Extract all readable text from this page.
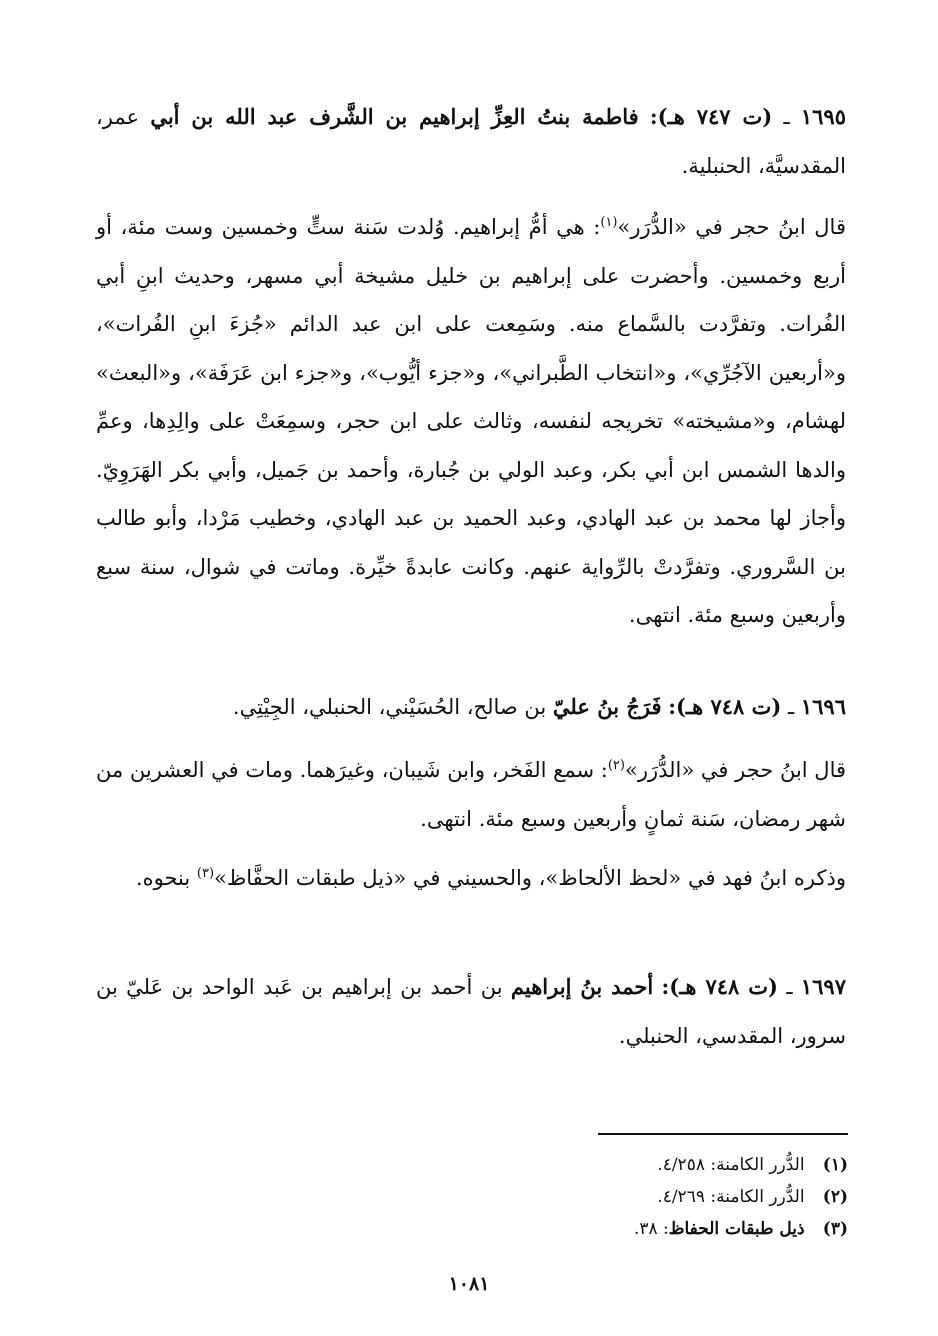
١٦٩٥ ـ (ت ٧٤٧ هـ): فاطمة بنتُ العِزِّ إبراهيم بن الشَّرف عبد الله بن أبي عمر، المقدسيَّة، الحنبلية.
قال ابنُ حجر في «الدُّرَر»$^{(١)}$: هي أمُّ إبراهيم. وُلدت سَنة ستٍّ وخمسين وست مئة، أو أربع وخمسين. وأحضرت على إبراهيم بن خليل مشيخة أبي مسهر، وحديث ابنِ أبي الفُرات. وتفرَّدت بالسَّماع منه. وسَمِعت على ابن عبد الدائم «جُزءَ ابنِ الفُرات»، و«أربعين الآجُرِّي»، و«انتخاب الطَّبراني»، و«جزء أيُّوب»، و«جزء ابن عَرَفَة»، و«البعث» لهشام، و«مشيخته» تخريجه لنفسه، وثالث على ابن حجر، وسمِعَتْ على والِدِها، وعمِّ والدها الشمس ابن أبي بكر، وعبد الولي بن جُبارة، وأحمد بن جَميل، وأبي بكر الهَرَوِيّ. وأجاز لها محمد بن عبد الهادي، وعبد الحميد بن عبد الهادي، وخطيب مَرْدا، وأبو طالب بن السَّروري. وتفرَّدتْ بالرِّواية عنهم. وكانت عابدةً خيِّرة. وماتت في شوال، سنة سبع وأربعين وسبع مئة. انتهى.
١٦٩٦ ـ (ت ٧٤٨ هـ): فَرَجُ بنُ عليّ بن صالح، الحُسَيْني، الحنبلي، الجِيْتِي.
قال ابنُ حجر في «الدُّرَر»$^{(٢)}$: سمع الفَخر، وابن شَيبان، وغيرَهما. ومات في العشرين من شهر رمضان، سَنة ثمانٍ وأربعين وسبع مئة. انتهى.
وذكره ابنُ فهد في «لحظ الألحاظ»، والحسيني في «ذيل طبقات الحفَّاظ»$^{(٣)}$ بنحوه.
١٦٩٧ ـ (ت ٧٤٨ هـ): أحمد بنُ إبراهيم بن أحمد بن إبراهيم بن عَبد الواحد بن عَليّ بن سرور، المقدسي، الحنبلي.
(١) الدُّرر الكامنة: ٤/٢٥٨.
(٢) الدُّرر الكامنة: ٤/٢٦٩.
(٣) ذيل طبقات الحفاظ: ٣٨.
١٠٨١
